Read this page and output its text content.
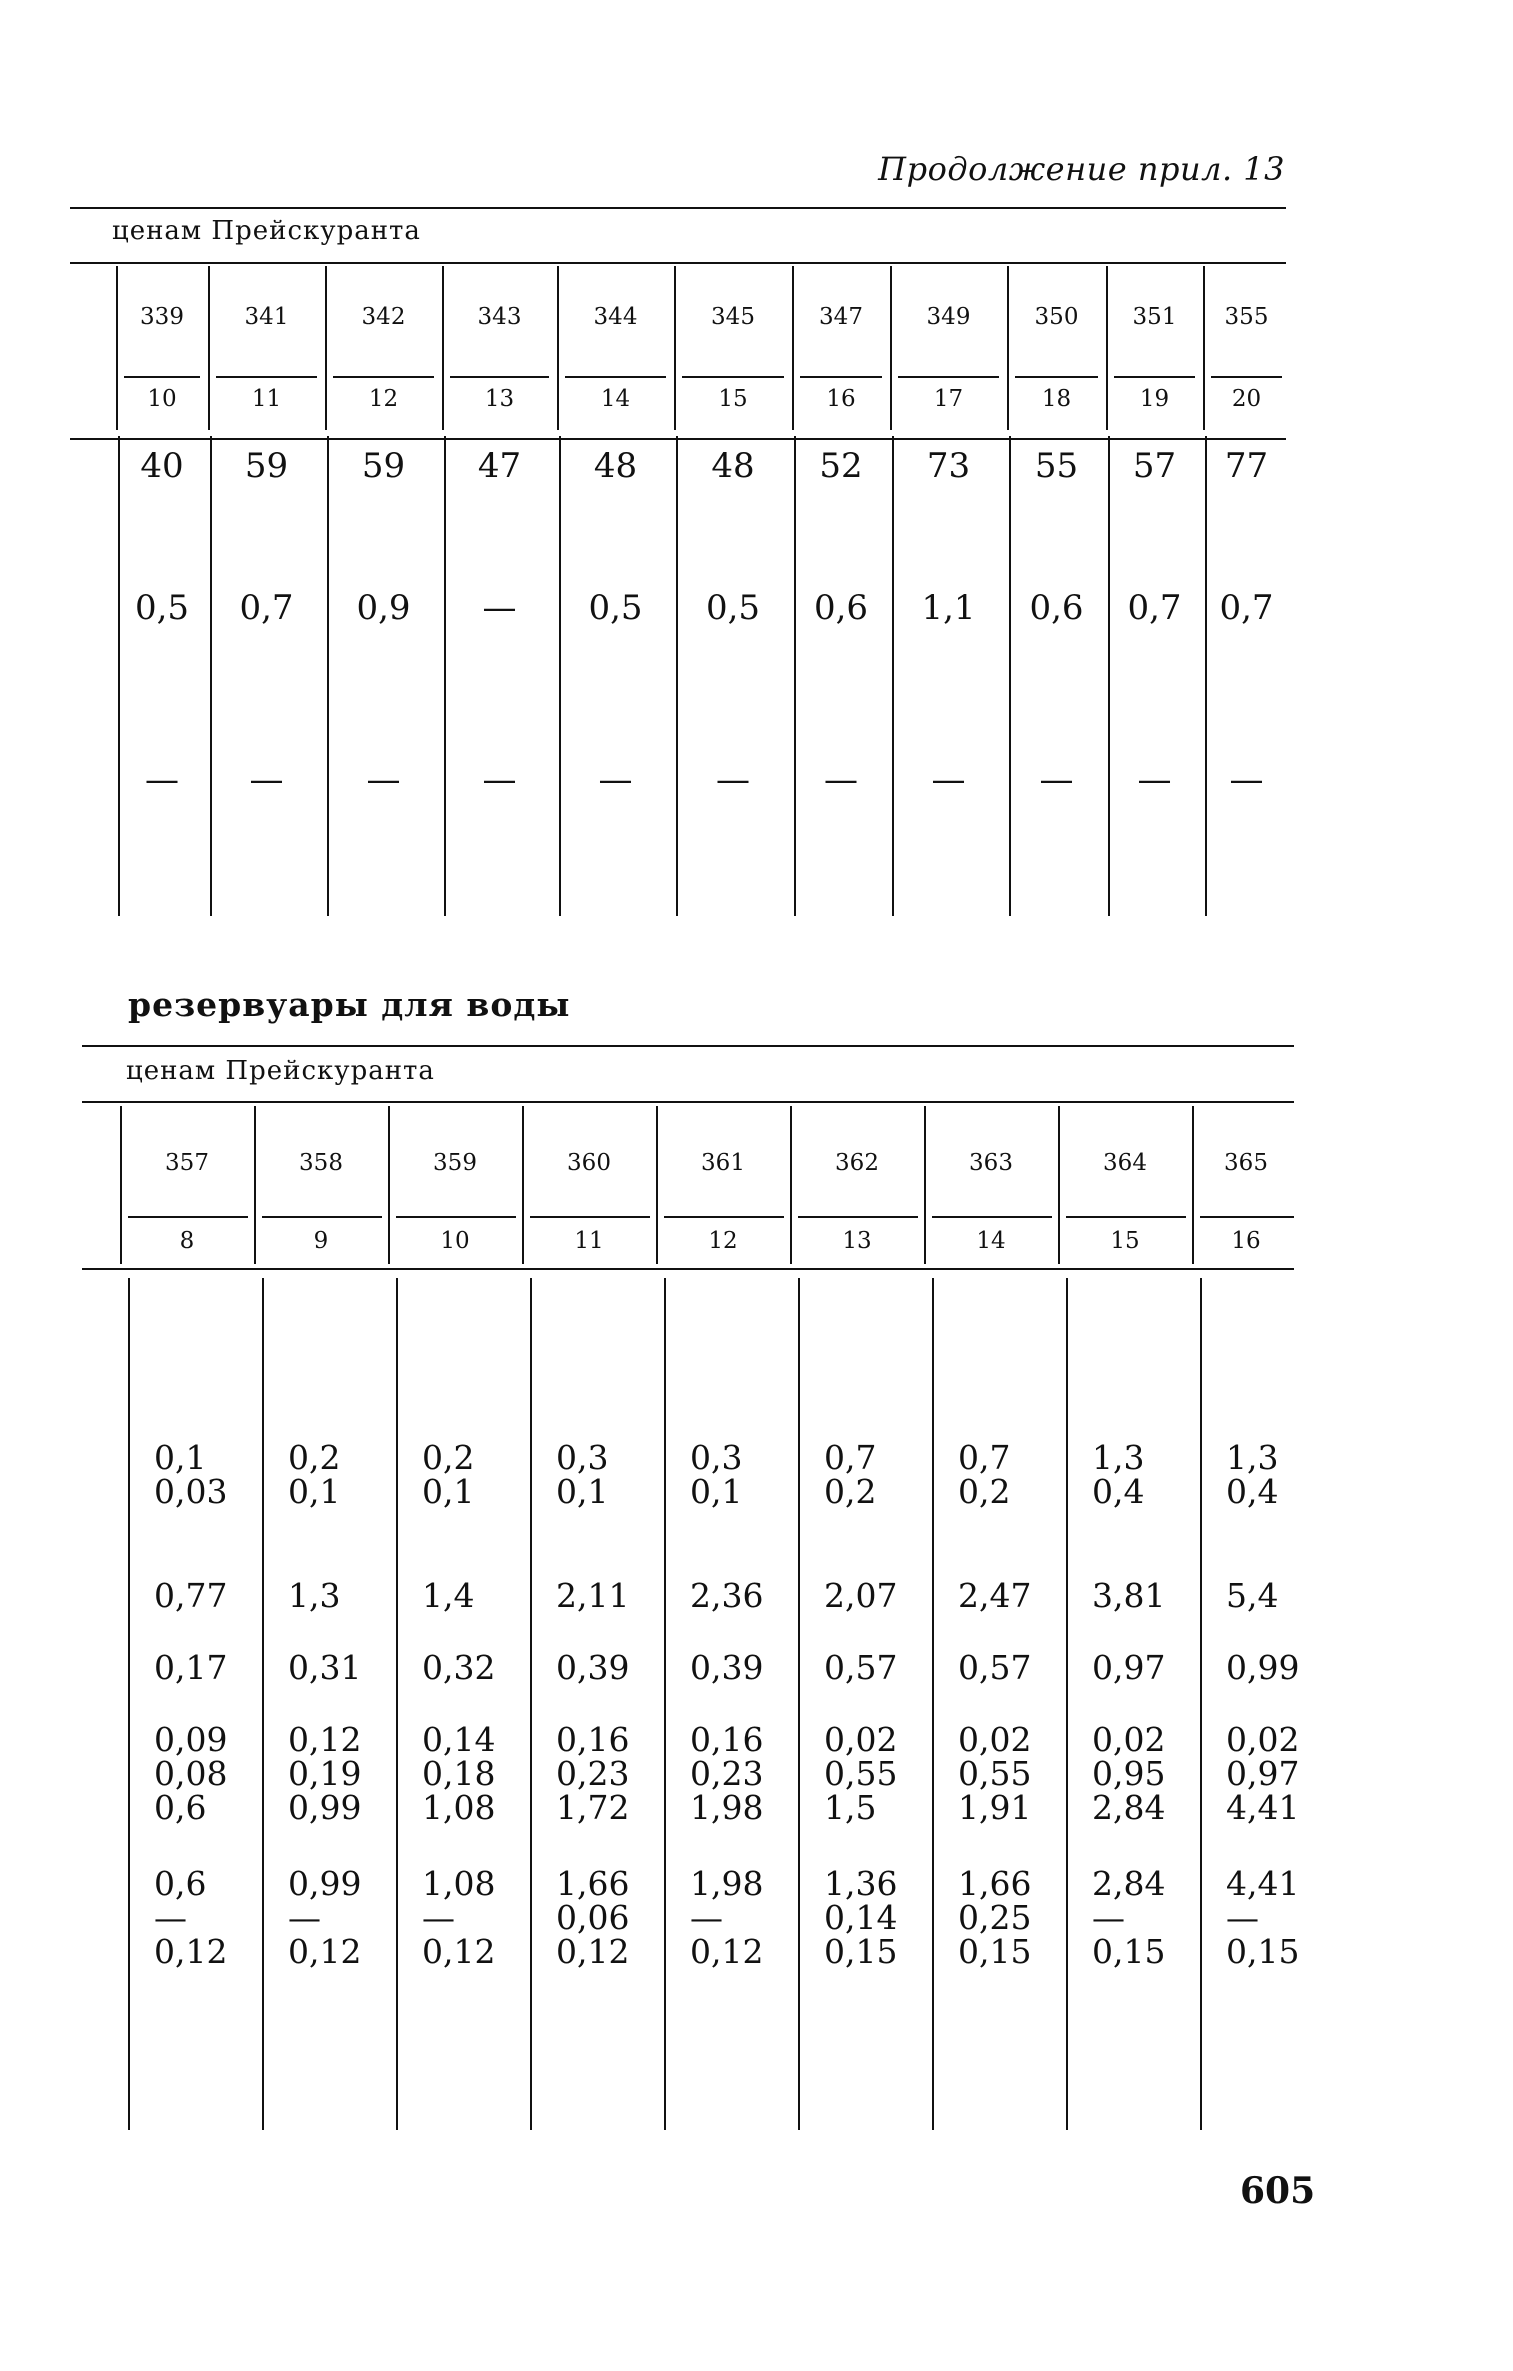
Продолжение прил. 13
ценам Прейскуранта
339
10
40
0,5
—
341
11
59
0,7
—
342
12
59
0,9
—
343
13
47
—
—
344
14
48
0,5
—
345
15
48
0,5
—
347
16
52
0,6
—
349
17
73
1,1
—
350
18
55
0,6
—
351
19
57
0,7
—
355
20
77
0,7
—
резервуары для воды
ценам Прейскуранта
357
8
0,1
0,03
0,77
0,17
0,09
0,08
0,6
0,6
—
0,12
358
9
0,2
0,1
1,3
0,31
0,12
0,19
0,99
0,99
—
0,12
359
10
0,2
0,1
1,4
0,32
0,14
0,18
1,08
1,08
—
0,12
360
11
0,3
0,1
2,11
0,39
0,16
0,23
1,72
1,66
0,06
0,12
361
12
0,3
0,1
2,36
0,39
0,16
0,23
1,98
1,98
—
0,12
362
13
0,7
0,2
2,07
0,57
0,02
0,55
1,5
1,36
0,14
0,15
363
14
0,7
0,2
2,47
0,57
0,02
0,55
1,91
1,66
0,25
0,15
364
15
1,3
0,4
3,81
0,97
0,02
0,95
2,84
2,84
—
0,15
365
16
1,3
0,4
5,4
0,99
0,02
0,97
4,41
4,41
—
0,15
605
